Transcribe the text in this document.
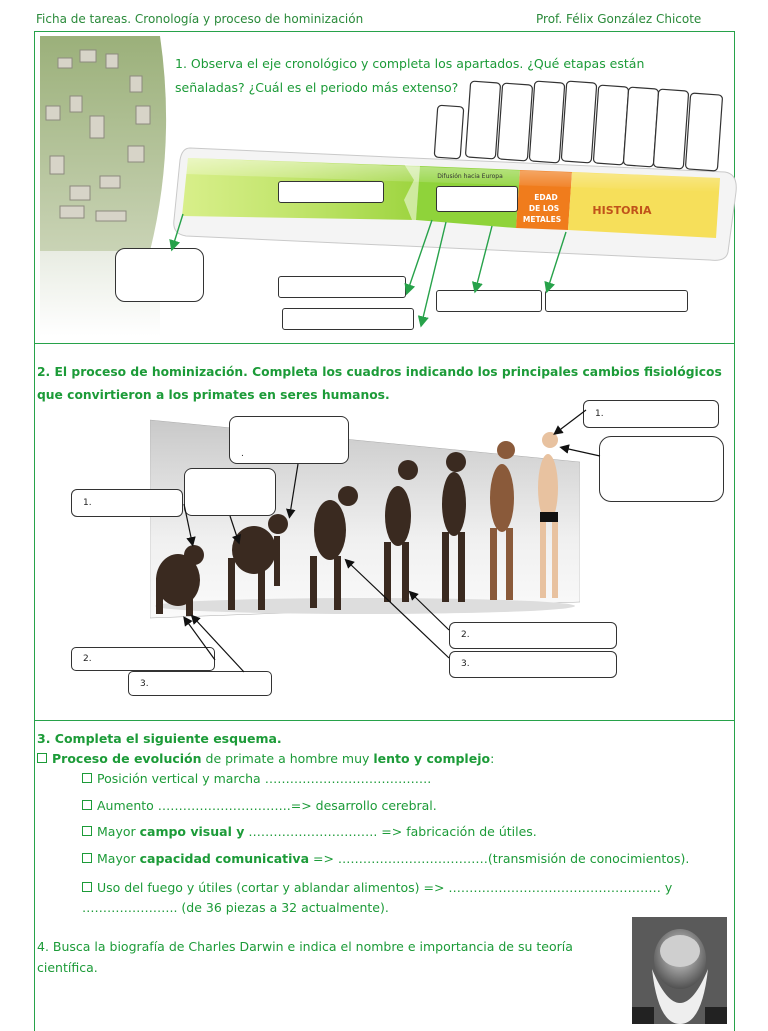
Ficha de tareas. Cronología y proceso de hominización	Prof. Félix González Chicote
1. Observa el eje cronológico y completa los apartados. ¿Qué etapas están
señaladas? ¿Cuál es el periodo más extenso?
Difusión hacia Europa
EDAD
DE LOS
METALES
HISTORIA
2. El proceso de hominización. Completa los cuadros indicando los principales cambios fisiológicos
que convirtieron a los primates en seres humanos.
.
1.
1.
2.
3.
2.
3.
3. Completa el siguiente esquema.
Proceso de evolución de primate a hombre muy lento y complejo:
Posición vertical y marcha ………………………………….
Aumento …………………………..=> desarrollo cerebral.
Mayor campo visual y …………………………. => fabricación de útiles.
Mayor capacidad comunicativa => ………………………………(transmisión de conocimientos).
Uso del fuego y útiles (cortar y ablandar alimentos) => …………………………………………… y
………………….. (de 36 piezas a 32 actualmente).
4. Busca la biografía de Charles Darwin e indica el nombre e importancia de su teoría
científica.
